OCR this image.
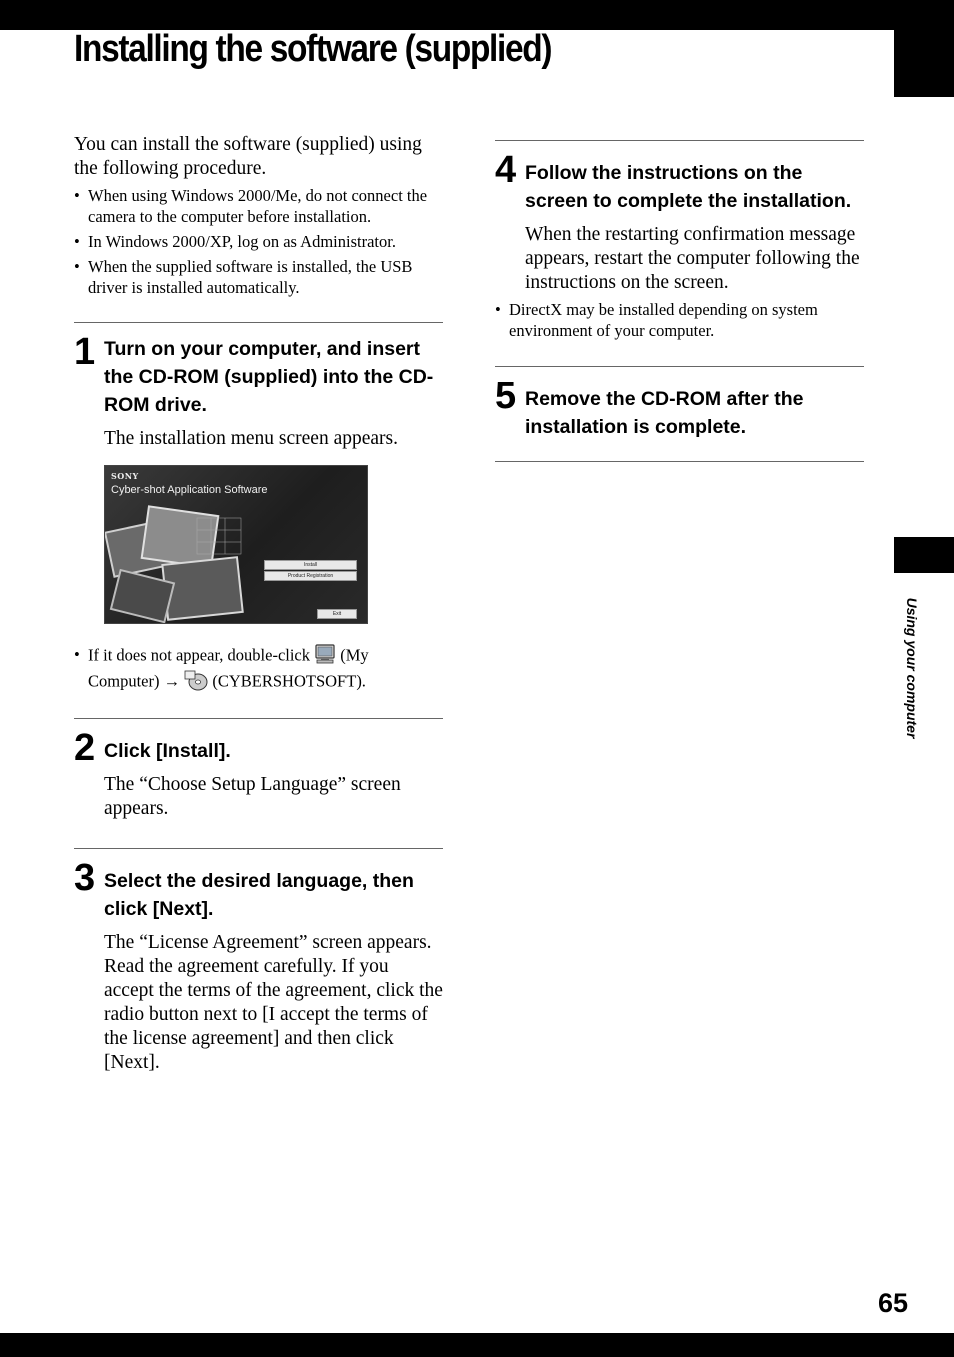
Using your computer
65
Installing the software (supplied)

You can install the software (supplied) using the following procedure.

• When using Windows 2000/Me, do not connect the camera to the computer before installation.
• In Windows 2000/XP, log on as Administrator.
• When the supplied software is installed, the USB driver is installed automatically.
1 Turn on your computer, and insert the CD-ROM (supplied) into the CD-ROM drive.

The installation menu screen appears.

SONY
Cyber-shot Application Software
Install
Product Registration
Exit
• If it does not appear, double-click (My Computer) → (CYBERSHOTSOFT).
2 Click [Install].

The “Choose Setup Language” screen appears.

3 Select the desired language, then click [Next].

The “License Agreement” screen appears.

Read the agreement carefully. If you accept the terms of the agreement, click the radio button next to [I accept the terms of the license agreement] and then click [Next].

4 Follow the instructions on the screen to complete the installation.

When the restarting confirmation message appears, restart the computer following the instructions on the screen.

• DirectX may be installed depending on system environment of your computer.
5 Remove the CD-ROM after the installation is complete.
